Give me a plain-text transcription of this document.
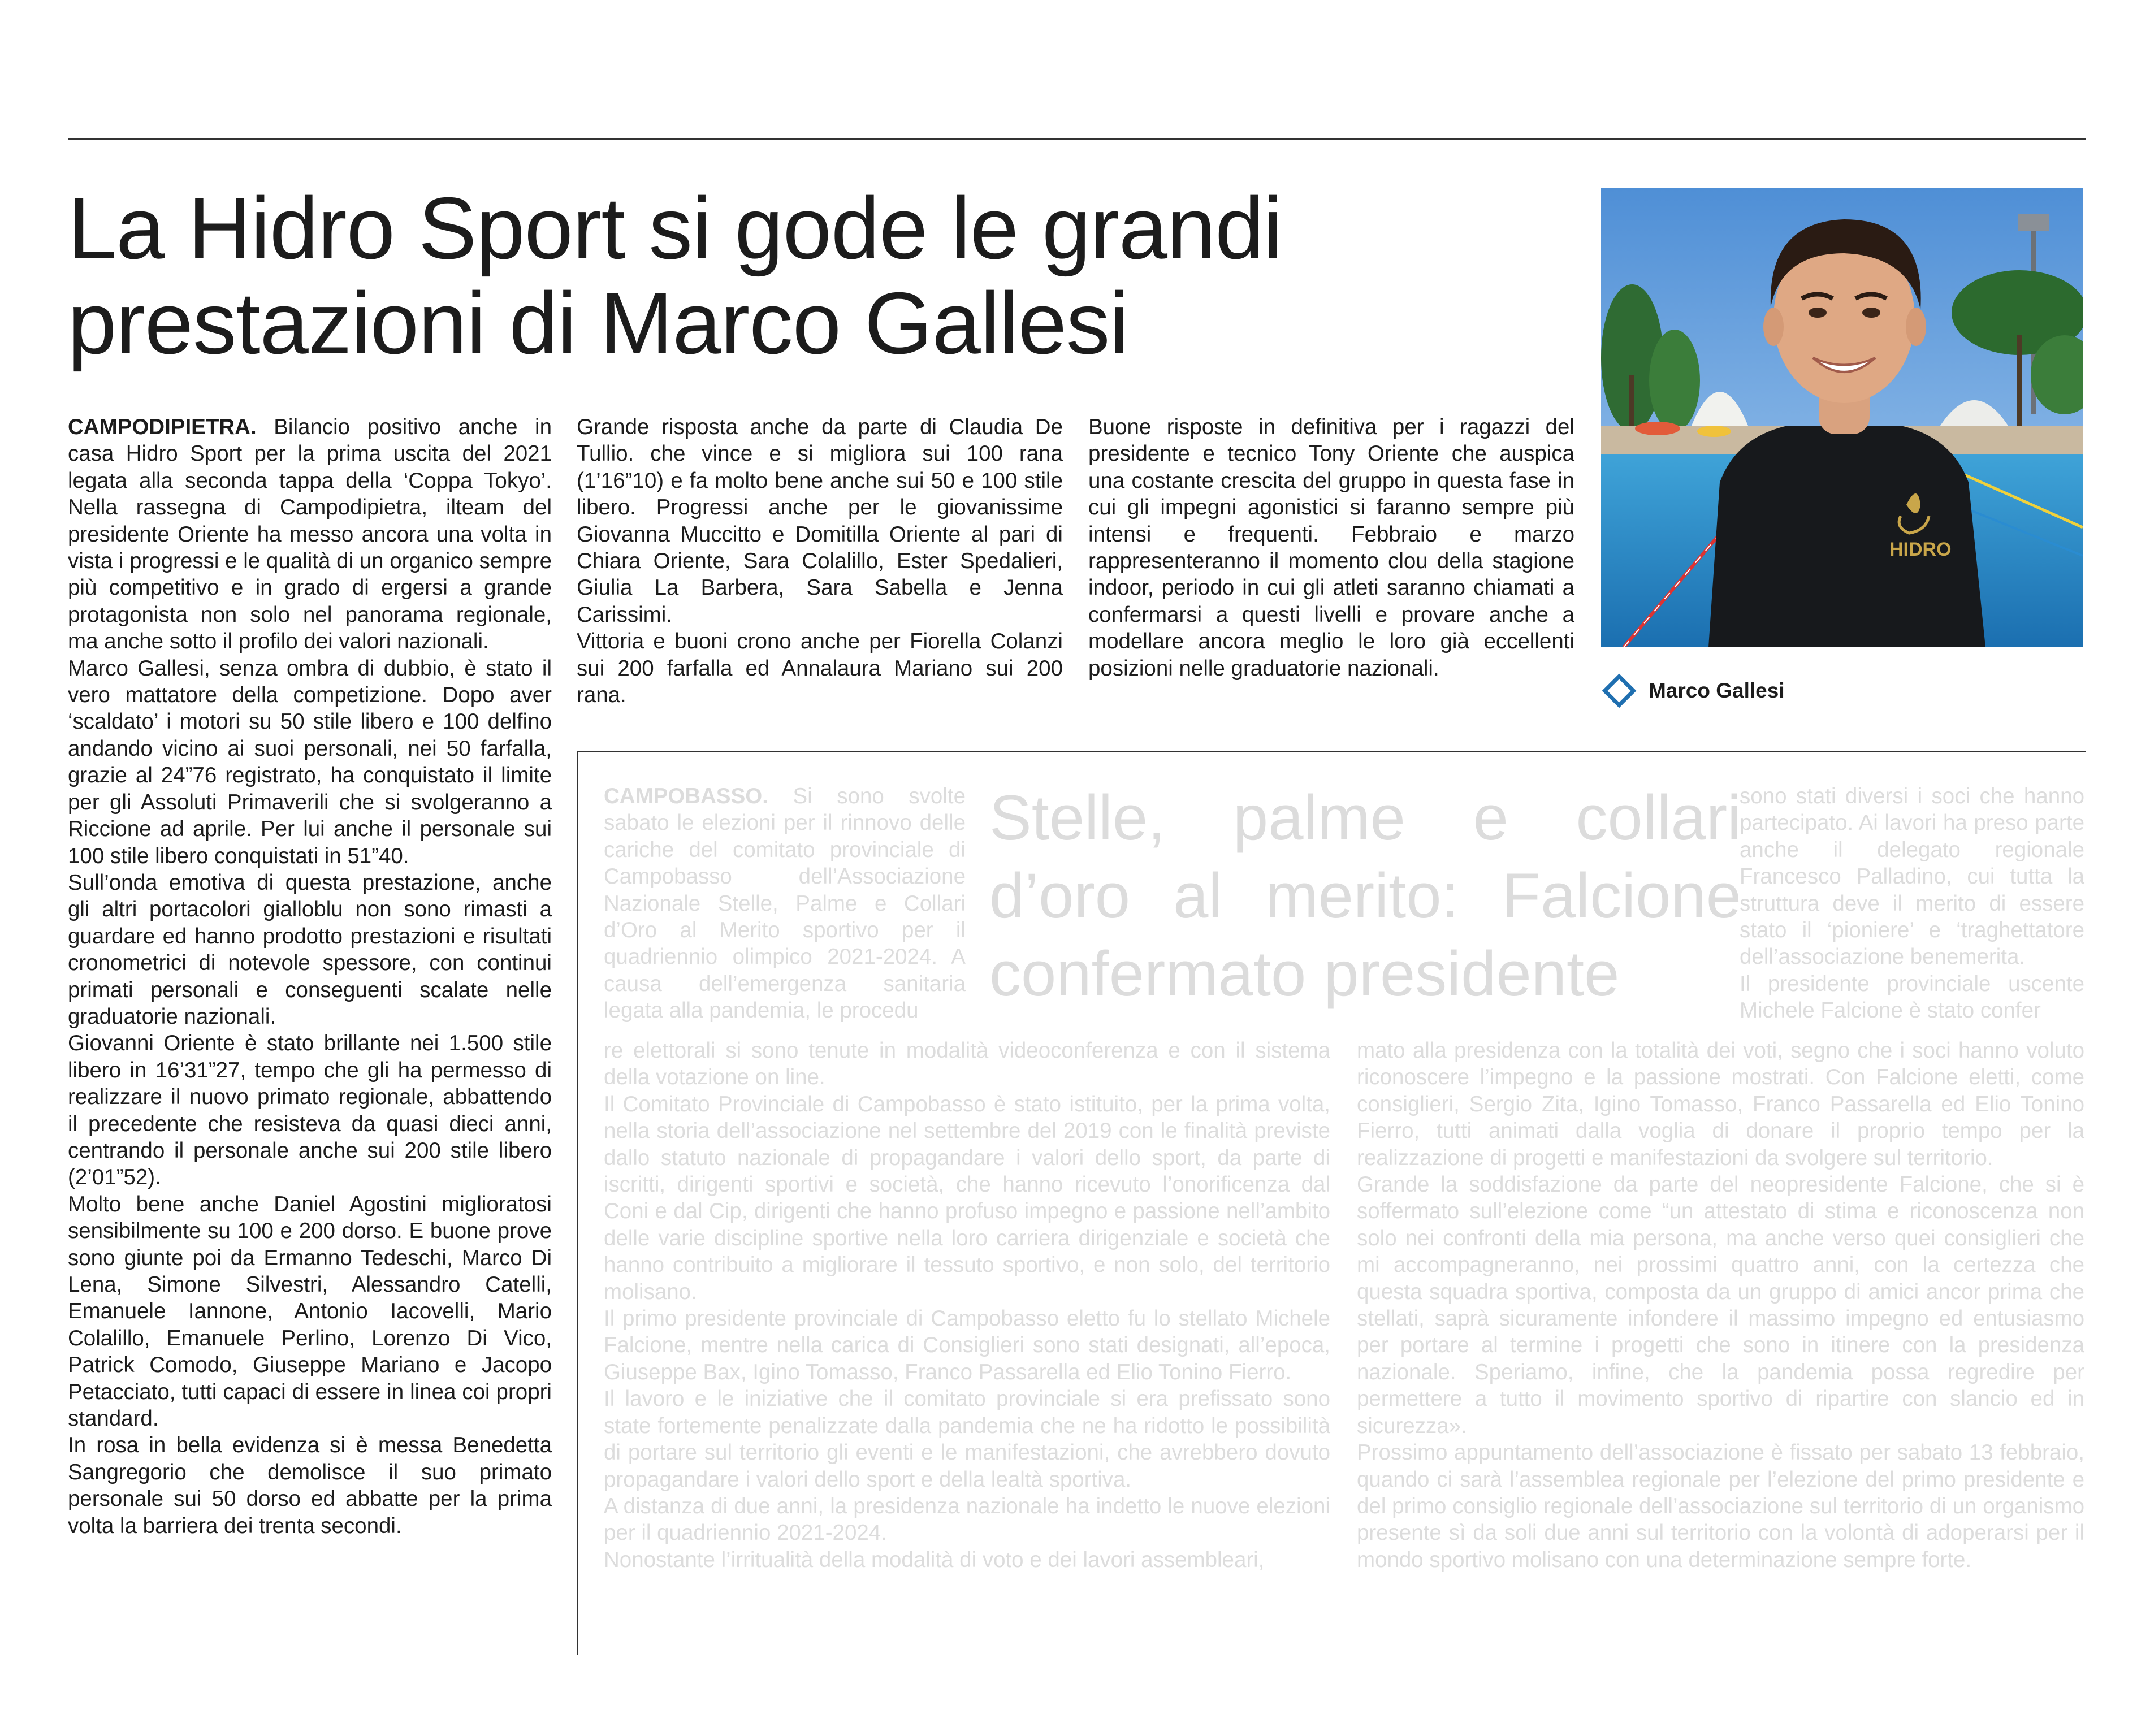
La Hidro Sport si gode le grandi
prestazioni di Marco Gallesi

CAMPODIPIETRA. Bilancio positivo anche in casa Hidro Sport per la prima uscita del 2021 legata alla seconda tappa della ‘Coppa Tokyo’. Nella rassegna di Campodipietra, ilteam del presidente Oriente ha messo ancora una volta in vista i progressi e le qualità di un organico sempre più competitivo e in grado di ergersi a grande protagonista non solo nel panorama regionale, ma anche sotto il profilo dei valori nazionali.

Marco Gallesi, senza ombra di dubbio, è stato il vero mattatore della competizione. Dopo aver ‘scaldato’ i motori su 50 stile libero e 100 delfino andando vicino ai suoi personali, nei 50 farfalla, grazie al 24”76 registrato, ha conquistato il limite per gli Assoluti Primaverili che si svolgeranno a Riccione ad aprile. Per lui anche il personale sui 100 stile libero conquistati in 51”40.

Sull’onda emotiva di questa prestazione, anche gli altri portacolori gialloblu non sono rimasti a guardare ed hanno prodotto prestazioni e risultati cronometrici di notevole spessore, con continui primati personali e conseguenti scalate nelle graduatorie nazionali.

Giovanni Oriente è stato brillante nei 1.500 stile libero in 16’31”27, tempo che gli ha permesso di realizzare il nuovo primato regionale, abbattendo il precedente che resisteva da quasi dieci anni, centrando il personale anche sui 200 stile libero (2’01”52).

Molto bene anche Daniel Agostini miglioratosi sensibilmente su 100 e 200 dorso. E buone prove sono giunte poi da Ermanno Tedeschi, Marco Di Lena, Simone Silvestri, Alessandro Catelli, Emanuele Iannone, Antonio Iacovelli, Mario Colalillo, Emanuele Perlino, Lorenzo Di Vico, Patrick Comodo, Giuseppe Mariano e Jacopo Petacciato, tutti capaci di essere in linea coi propri standard.

In rosa in bella evidenza si è messa Benedetta Sangregorio che demolisce il suo primato personale sui 50 dorso ed abbatte per la prima volta la barriera dei trenta secondi.

Grande risposta anche da parte di Claudia De Tullio. che vince e si migliora sui 100 rana (1’16”10) e fa molto bene anche sui 50 e 100 stile libero. Progressi anche per le giovanissime Giovanna Muccitto e Domitilla Oriente al pari di Chiara Oriente, Sara Colalillo, Ester Spedalieri, Giulia La Barbera, Sara Sabella e Jenna Carissimi.

Vittoria e buoni crono anche per Fiorella Colanzi sui 200 farfalla ed Annalaura Mariano sui 200 rana.

Buone risposte in definitiva per i ragazzi del presidente e tecnico Tony Oriente che auspica una costante crescita del gruppo in questa fase in cui gli impegni agonistici si faranno sempre più intensi e frequenti. Febbraio e marzo rappresenteranno il momento clou della stagione indoor, periodo in cui gli atleti saranno chiamati a confermarsi a questi livelli e provare anche a modellare ancora meglio le loro già eccellenti posizioni nelle graduatorie nazionali.

HIDRO
Marco Gallesi

CAMPOBASSO. Si sono svolte sabato le elezioni per il rinnovo delle cariche del comitato provinciale di Campobasso dell’Associazione Nazionale Stelle, Palme e Collari d’Oro al Merito sportivo per il quadriennio olimpico 2021-2024. A causa dell’emergenza sanitaria legata alla pandemia, le procedu

Stelle, palme e collari d’oro al merito: Falcione confermato presidente

sono stati diversi i soci che hanno partecipato. Ai lavori ha preso parte anche il delegato regionale Francesco Palladino, cui tutta la struttura deve il merito di essere stato il ‘pioniere’ e ‘traghettatore dell’associazione benemerita.

Il presidente provinciale uscente Michele Falcione è stato confer

re elettorali si sono tenute in modalità videoconferenza e con il sistema della votazione on line.

Il Comitato Provinciale di Campobasso è stato istituito, per la prima volta, nella storia dell’associazione nel settembre del 2019 con le finalità previste dallo statuto nazionale di propagandare i valori dello sport, da parte di iscritti, dirigenti sportivi e società, che hanno ricevuto l’onorificenza dal Coni e dal Cip, dirigenti che hanno profuso impegno e passione nell’ambito delle varie discipline sportive nella loro carriera dirigenziale e società che hanno contribuito a migliorare il tessuto sportivo, e non solo, del territorio molisano.

Il primo presidente provinciale di Campobasso eletto fu lo stellato Michele Falcione, mentre nella carica di Consiglieri sono stati designati, all’epoca, Giuseppe Bax, Igino Tomasso, Franco Passarella ed Elio Tonino Fierro.

Il lavoro e le iniziative che il comitato provinciale si era prefissato sono state fortemente penalizzate dalla pandemia che ne ha ridotto le possibilità di portare sul territorio gli eventi e le manifestazioni, che avrebbero dovuto propagandare i valori dello sport e della lealtà sportiva.

A distanza di due anni, la presidenza nazionale ha indetto le nuove elezioni per il quadriennio 2021-2024.

Nonostante l’irritualità della modalità di voto e dei lavori assembleari,

mato alla presidenza con la totalità dei voti, segno che i soci hanno voluto riconoscere l’impegno e la passione mostrati. Con Falcione eletti, come consiglieri, Sergio Zita, Igino Tomasso, Franco Passarella ed Elio Tonino Fierro, tutti animati dalla voglia di donare il proprio tempo per la realizzazione di progetti e manifestazioni da svolgere sul territorio.

Grande la soddisfazione da parte del neopresidente Falcione, che si è soffermato sull’elezione come “un attestato di stima e riconoscenza non solo nei confronti della mia persona, ma anche verso quei consiglieri che mi accompagneranno, nei prossimi quattro anni, con la certezza che questa squadra sportiva, composta da un gruppo di amici ancor prima che stellati, saprà sicuramente infondere il massimo impegno ed entusiasmo per portare al termine i progetti che sono in itinere con la presidenza nazionale. Speriamo, infine, che la pandemia possa regredire per permettere a tutto il movimento sportivo di ripartire con slancio ed in sicurezza».

Prossimo appuntamento dell’associazione è fissato per sabato 13 febbraio, quando ci sarà l’assemblea regionale per l’elezione del primo presidente e del primo consiglio regionale dell’associazione sul territorio di un organismo presente sì da soli due anni sul territorio con la volontà di adoperarsi per il mondo sportivo molisano con una determinazione sempre forte.
